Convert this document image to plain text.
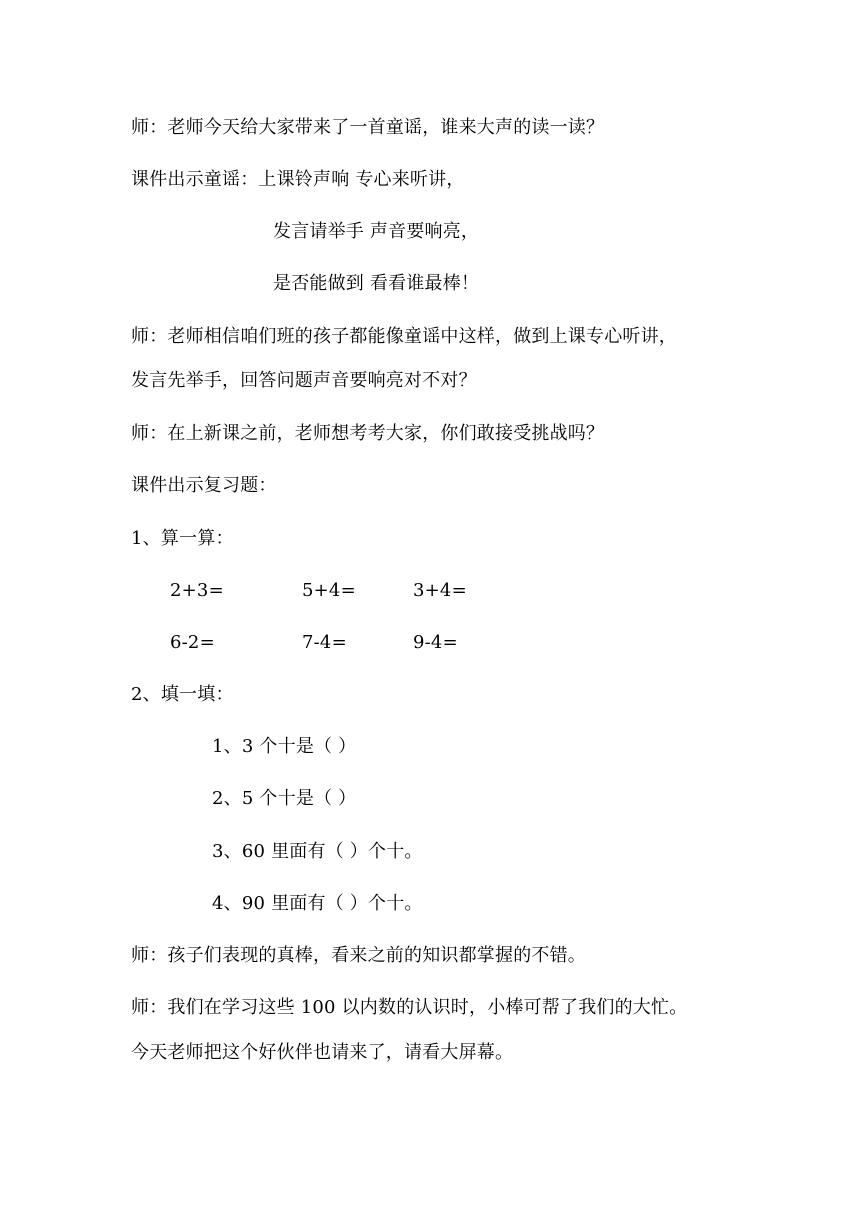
师：老师今天给大家带来了一首童谣，谁来大声的读一读？
课件出示童谣：上课铃声响 专心来听讲，
发言请举手 声音要响亮，
是否能做到 看看谁最棒！
师：老师相信咱们班的孩子都能像童谣中这样，做到上课专心听讲，
发言先举手，回答问题声音要响亮对不对？
师：在上新课之前，老师想考考大家，你们敢接受挑战吗？
课件出示复习题：
1、算一算：
2+3=	5+4=	3+4=
6-2=	7-4=	9-4=
2、填一填：
1、3 个十是（ ）
2、5 个十是（ ）
3、60 里面有（ ）个十。
4、90 里面有（ ）个十。
师：孩子们表现的真棒，看来之前的知识都掌握的不错。
师：我们在学习这些 100 以内数的认识时，小棒可帮了我们的大忙。
今天老师把这个好伙伴也请来了，请看大屏幕。
